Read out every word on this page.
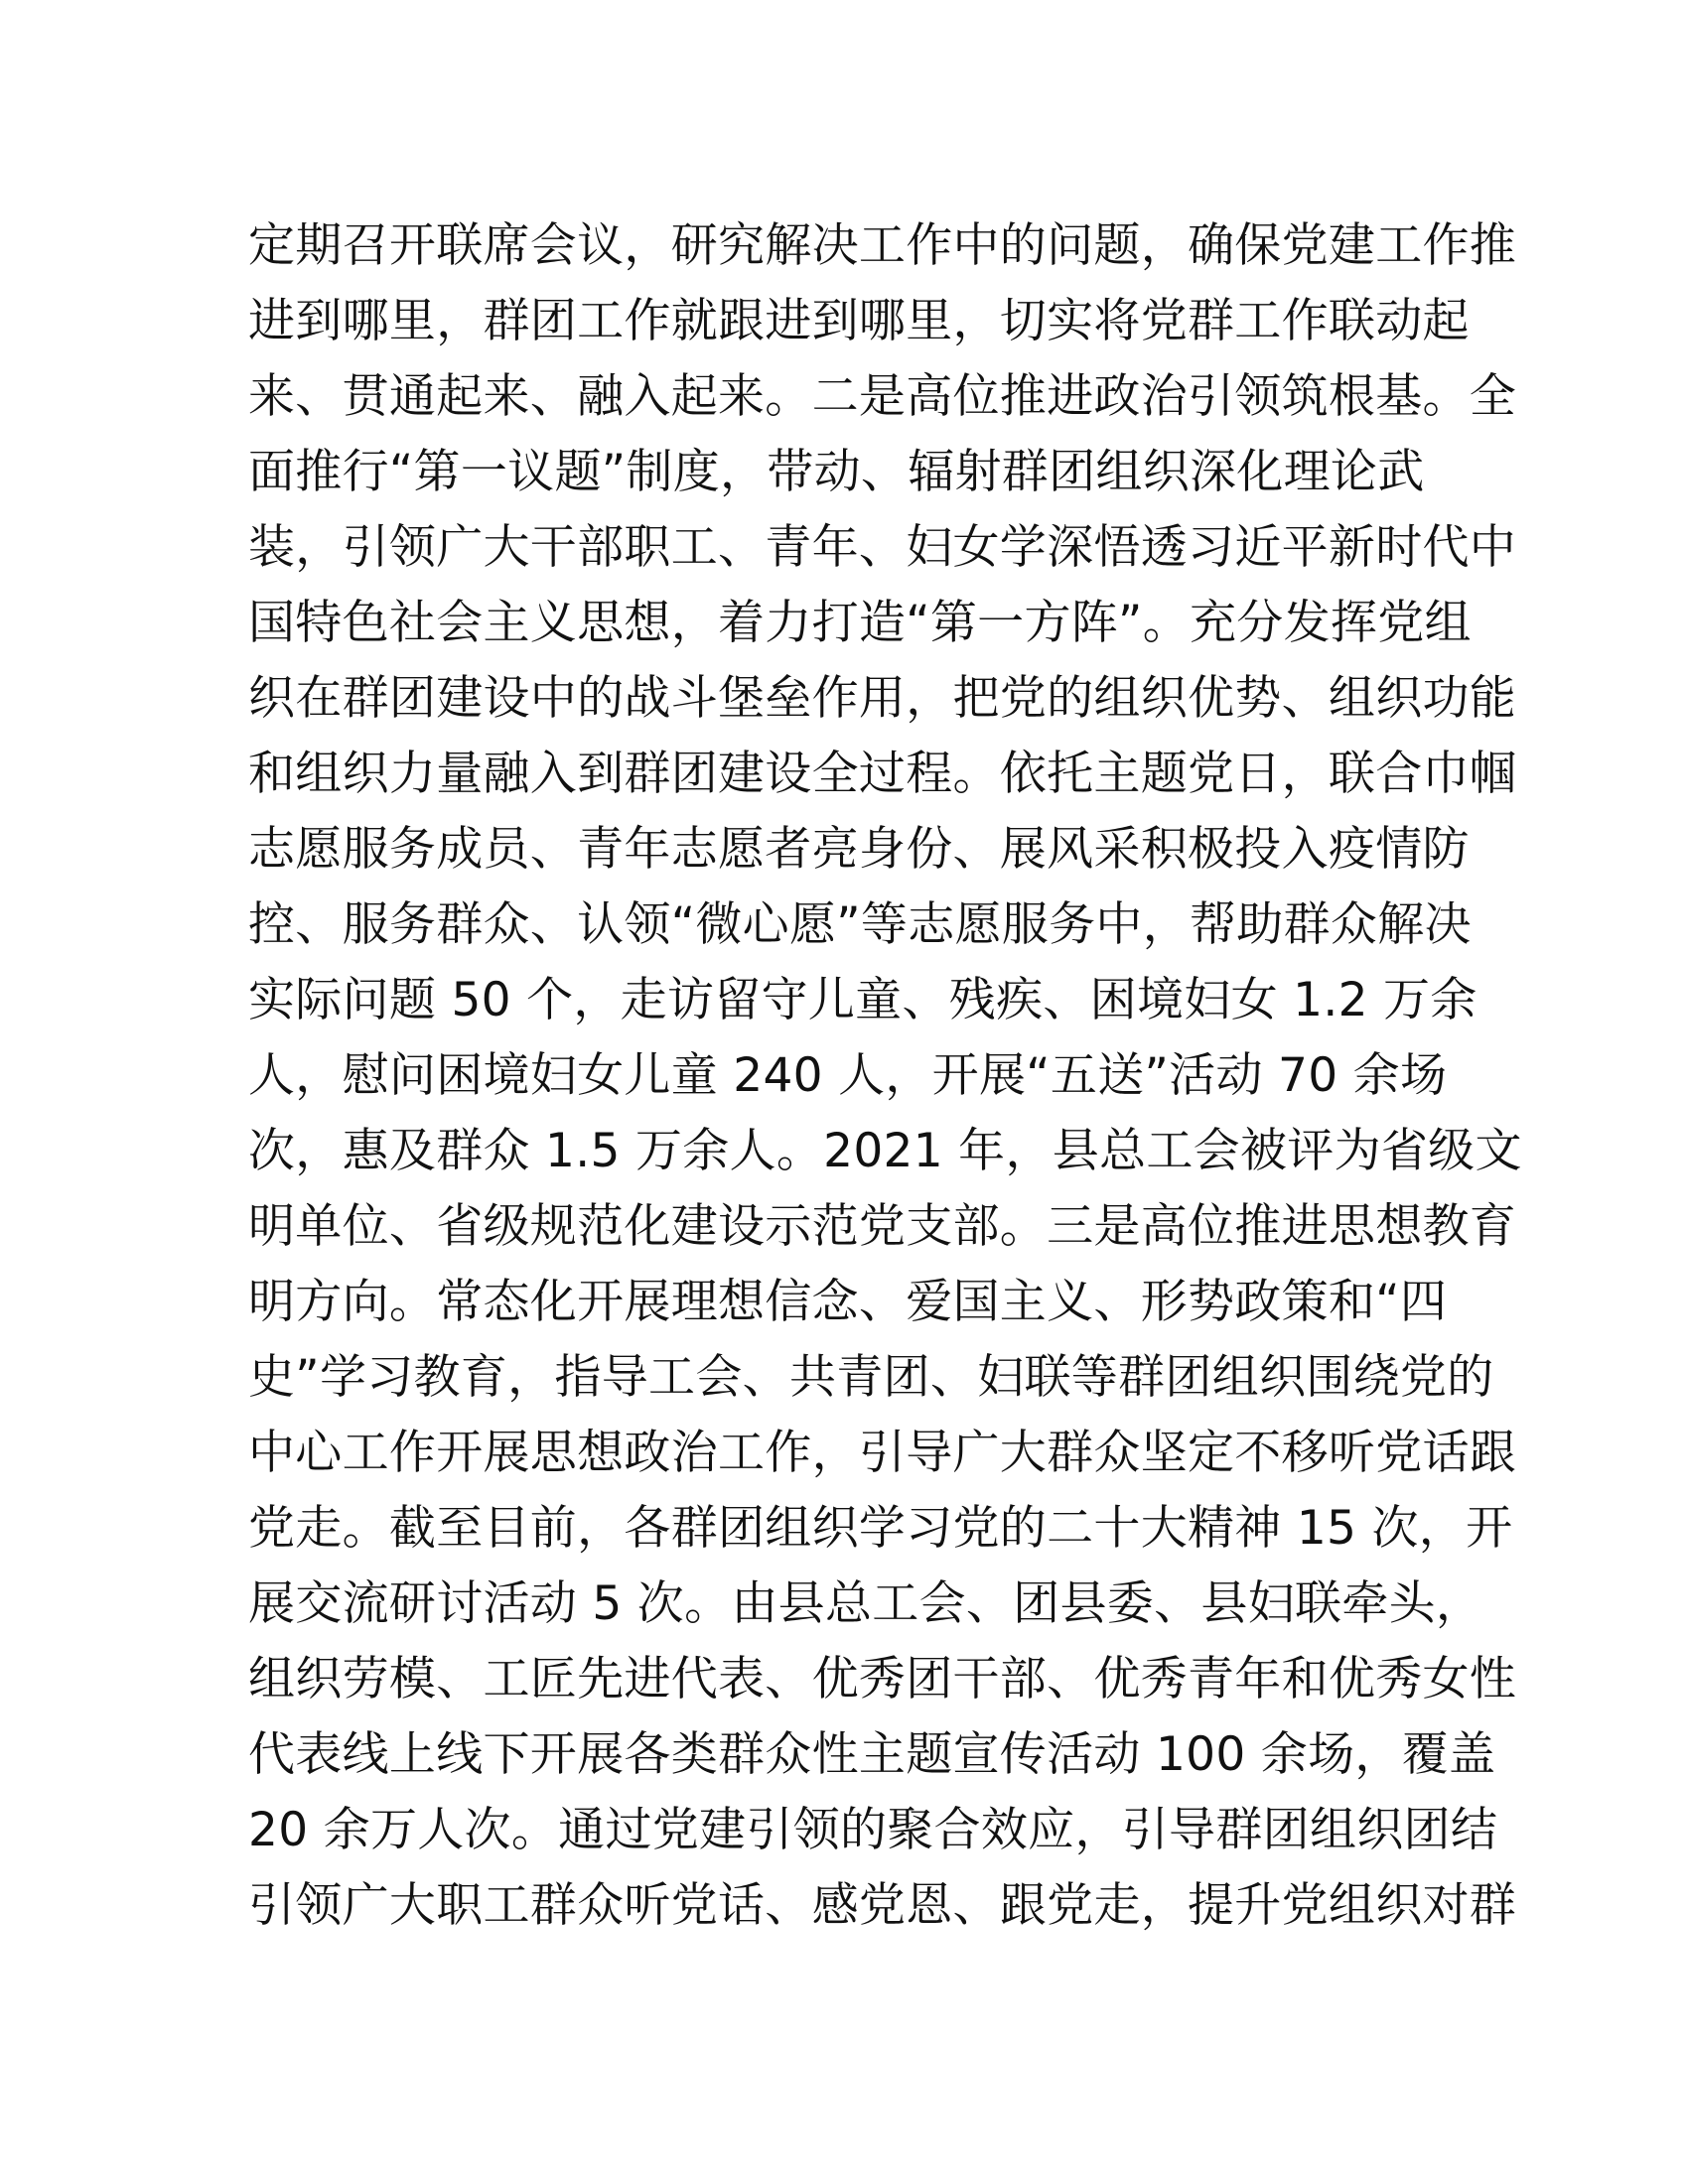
定期召开联席会议，研究解决工作中的问题，确保党建工作推
进到哪里，群团工作就跟进到哪里，切实将党群工作联动起
来、贯通起来、融入起来。二是高位推进政治引领筑根基。全
面推行“第一议题”制度，带动、辐射群团组织深化理论武
装，引领广大干部职工、青年、妇女学深悟透习近平新时代中
国特色社会主义思想，着力打造“第一方阵”。充分发挥党组
织在群团建设中的战斗堡垒作用，把党的组织优势、组织功能
和组织力量融入到群团建设全过程。依托主题党日，联合巾帼
志愿服务成员、青年志愿者亮身份、展风采积极投入疫情防
控、服务群众、认领“微心愿”等志愿服务中，帮助群众解决
实际问题 50 个，走访留守儿童、残疾、困境妇女 1.2 万余
人，慰问困境妇女儿童 240 人，开展“五送”活动 70 余场
次，惠及群众 1.5 万余人。2021 年，县总工会被评为省级文
明单位、省级规范化建设示范党支部。三是高位推进思想教育
明方向。常态化开展理想信念、爱国主义、形势政策和“四
史”学习教育，指导工会、共青团、妇联等群团组织围绕党的
中心工作开展思想政治工作，引导广大群众坚定不移听党话跟
党走。截至目前，各群团组织学习党的二十大精神 15 次，开
展交流研讨活动 5 次。由县总工会、团县委、县妇联牵头，
组织劳模、工匠先进代表、优秀团干部、优秀青年和优秀女性
代表线上线下开展各类群众性主题宣传活动 100 余场，覆盖
20 余万人次。通过党建引领的聚合效应，引导群团组织团结
引领广大职工群众听党话、感党恩、跟党走，提升党组织对群
